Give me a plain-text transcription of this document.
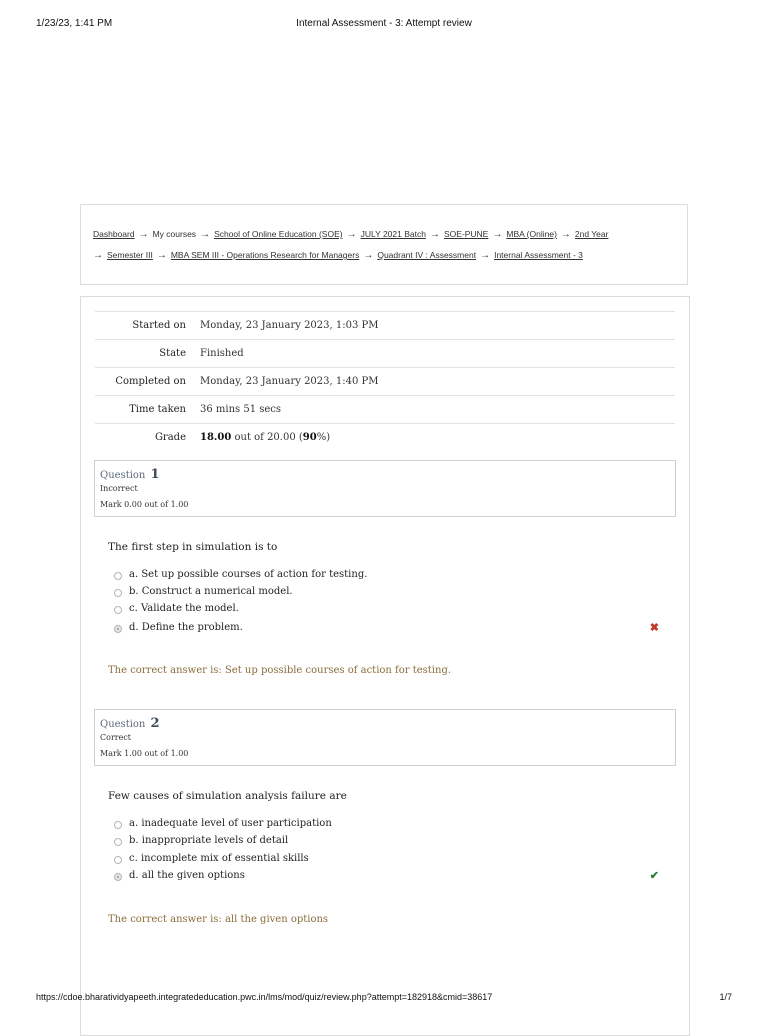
1/23/23, 1:41 PM	Internal Assessment - 3: Attempt review
Dashboard → My courses → School of Online Education (SOE) → JULY 2021 Batch → SOE-PUNE → MBA (Online) → 2nd Year
→ Semester III → MBA SEM III - Operations Research for Managers → Quadrant IV : Assessment → Internal Assessment - 3
Started on Monday, 23 January 2023, 1:03 PM
State Finished
Completed on Monday, 23 January 2023, 1:40 PM
Time taken 36 mins 51 secs
Grade 18.00 out of 20.00 (90%)
Question 1
Incorrect
Mark 0.00 out of 1.00
The first step in simulation is to
a. Set up possible courses of action for testing.
b. Construct a numerical model.
c. Validate the model.
d. Define the problem.	✖
The correct answer is: Set up possible courses of action for testing.
Question 2
Correct
Mark 1.00 out of 1.00
Few causes of simulation analysis failure are
a. inadequate level of user participation
b. inappropriate levels of detail
c. incomplete mix of essential skills
d. all the given options	✔
The correct answer is: all the given options
https://cdoe.bharatividyapeeth.integratededucation.pwc.in/lms/mod/quiz/review.php?attempt=182918&cmid=38617	1/7
